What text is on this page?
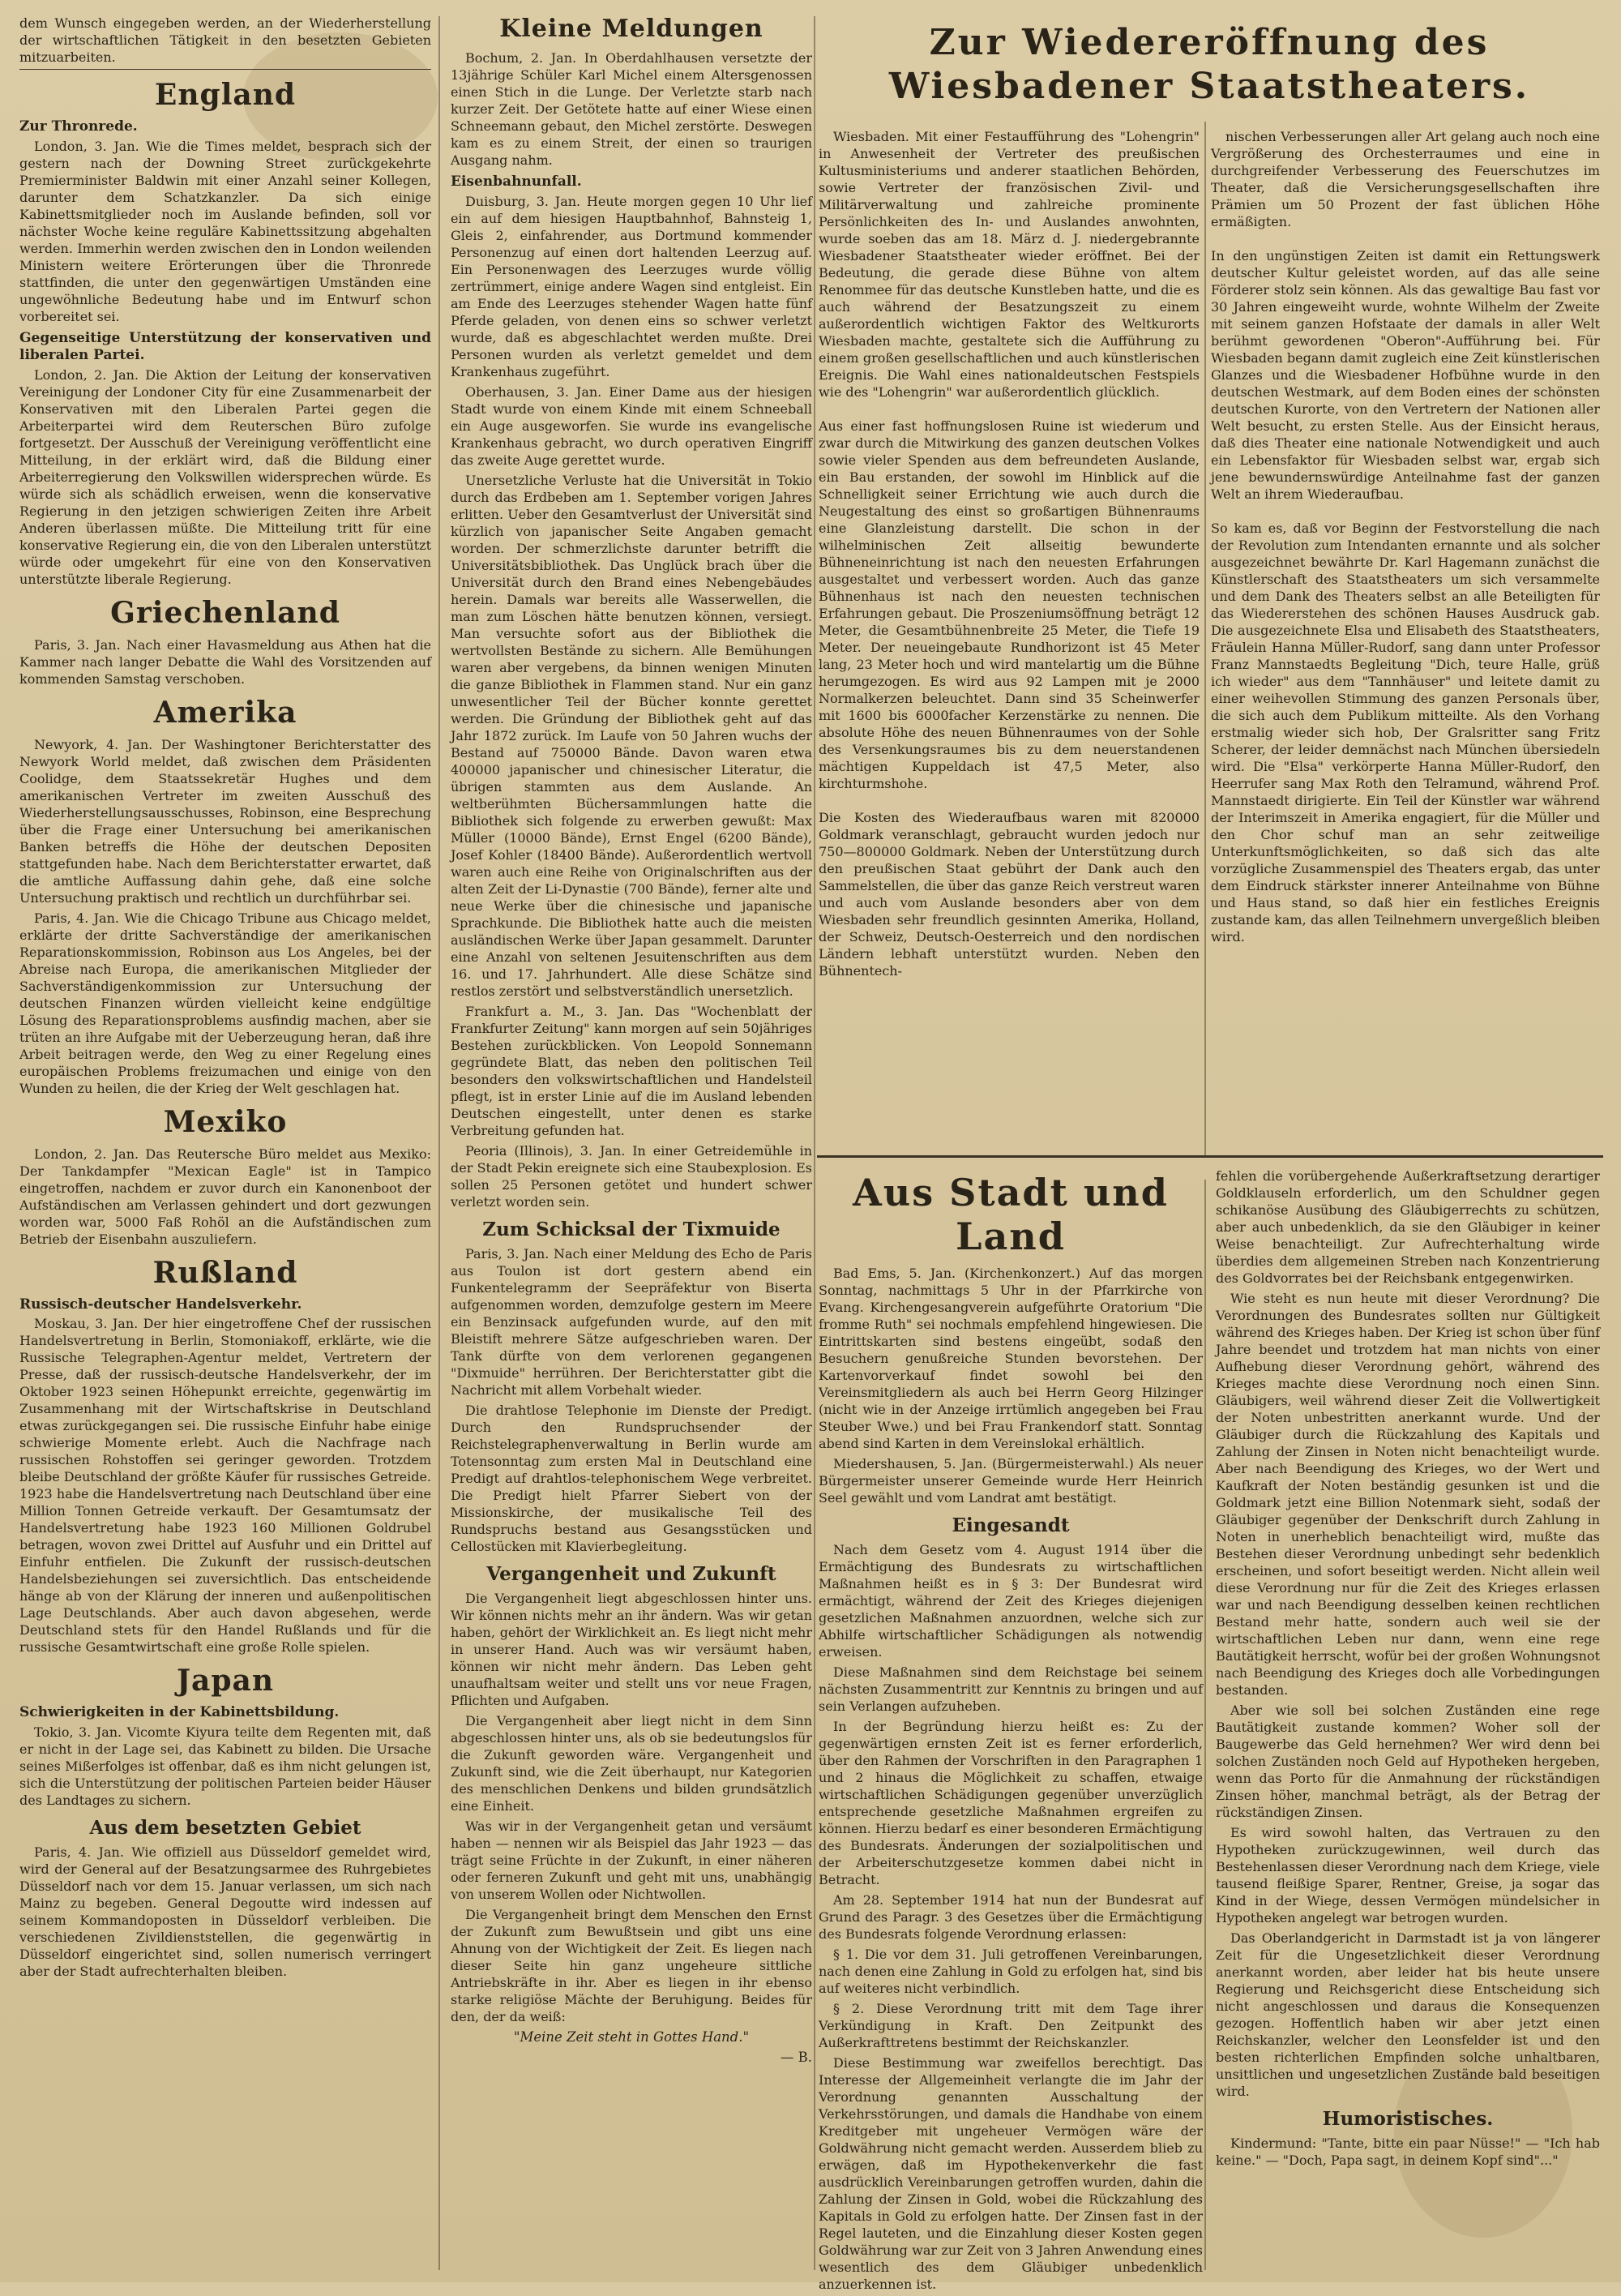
dem Wunsch eingegeben werden, an der Wiederherstellung der wirtschaftlichen Tätigkeit in den besetzten Gebieten mitzuarbeiten.

England

Zur Thronrede.

London, 3. Jan. Wie die Times meldet, besprach sich der gestern nach der Downing Street zurückgekehrte Premierminister Baldwin mit einer Anzahl seiner Kollegen, darunter dem Schatzkanzler. Da sich einige Kabinettsmitglieder noch im Auslande befinden, soll vor nächster Woche keine reguläre Kabinettssitzung abgehalten werden. Immerhin werden zwischen den in London weilenden Ministern weitere Erörterungen über die Thronrede stattfinden, die unter den gegenwärtigen Umständen eine ungewöhnliche Bedeutung habe und im Entwurf schon vorbereitet sei.

Gegenseitige Unterstützung der konservativen und liberalen Partei.

London, 2. Jan. Die Aktion der Leitung der konservativen Vereinigung der Londoner City für eine Zusammenarbeit der Konservativen mit den Liberalen Partei gegen die Arbeiterpartei wird dem Reuterschen Büro zufolge fortgesetzt. Der Ausschuß der Vereinigung veröffentlicht eine Mitteilung, in der erklärt wird, daß die Bildung einer Arbeiterregierung den Volkswillen widersprechen würde. Es würde sich als schädlich erweisen, wenn die konservative Regierung in den jetzigen schwierigen Zeiten ihre Arbeit Anderen überlassen müßte. Die Mitteilung tritt für eine konservative Regierung ein, die von den Liberalen unterstützt würde oder umgekehrt für eine von den Konservativen unterstützte liberale Regierung.

Griechenland

Paris, 3. Jan. Nach einer Havasmeldung aus Athen hat die Kammer nach langer Debatte die Wahl des Vorsitzenden auf kommenden Samstag verschoben.

Amerika

Newyork, 4. Jan. Der Washingtoner Berichterstatter des Newyork World meldet, daß zwischen dem Präsidenten Coolidge, dem Staatssekretär Hughes und dem amerikanischen Vertreter im zweiten Ausschuß des Wiederherstellungsausschusses, Robinson, eine Besprechung über die Frage einer Untersuchung bei amerikanischen Banken betreffs die Höhe der deutschen Depositen stattgefunden habe. Nach dem Berichterstatter erwartet, daß die amtliche Auffassung dahin gehe, daß eine solche Untersuchung praktisch und rechtlich un durchführbar sei.

Paris, 4. Jan. Wie die Chicago Tribune aus Chicago meldet, erklärte der dritte Sachverständige der amerikanischen Reparationskommission, Robinson aus Los Angeles, bei der Abreise nach Europa, die amerikanischen Mitglieder der Sachverständigenkommission zur Untersuchung der deutschen Finanzen würden vielleicht keine endgültige Lösung des Reparationsproblems ausfindig machen, aber sie trüten an ihre Aufgabe mit der Ueberzeugung heran, daß ihre Arbeit beitragen werde, den Weg zu einer Regelung eines europäischen Problems freizumachen und einige von den Wunden zu heilen, die der Krieg der Welt geschlagen hat.

Mexiko

London, 2. Jan. Das Reutersche Büro meldet aus Mexiko: Der Tankdampfer "Mexican Eagle" ist in Tampico eingetroffen, nachdem er zuvor durch ein Kanonenboot der Aufständischen am Verlassen gehindert und dort gezwungen worden war, 5000 Faß Rohöl an die Aufständischen zum Betrieb der Eisenbahn auszuliefern.

Rußland

Russisch-deutscher Handelsverkehr.

Moskau, 3. Jan. Der hier eingetroffene Chef der russischen Handelsvertretung in Berlin, Stomoniakoff, erklärte, wie die Russische Telegraphen-Agentur meldet, Vertretern der Presse, daß der russisch-deutsche Handelsverkehr, der im Oktober 1923 seinen Höhepunkt erreichte, gegenwärtig im Zusammenhang mit der Wirtschaftskrise in Deutschland etwas zurückgegangen sei. Die russische Einfuhr habe einige schwierige Momente erlebt. Auch die Nachfrage nach russischen Rohstoffen sei geringer geworden. Trotzdem bleibe Deutschland der größte Käufer für russisches Getreide. 1923 habe die Handelsvertretung nach Deutschland über eine Million Tonnen Getreide verkauft. Der Gesamtumsatz der Handelsvertretung habe 1923 160 Millionen Goldrubel betragen, wovon zwei Drittel auf Ausfuhr und ein Drittel auf Einfuhr entfielen. Die Zukunft der russisch-deutschen Handelsbeziehungen sei zuversichtlich. Das entscheidende hänge ab von der Klärung der inneren und außenpolitischen Lage Deutschlands. Aber auch davon abgesehen, werde Deutschland stets für den Handel Rußlands und für die russische Gesamtwirtschaft eine große Rolle spielen.

Japan

Schwierigkeiten in der Kabinettsbildung.

Tokio, 3. Jan. Vicomte Kiyura teilte dem Regenten mit, daß er nicht in der Lage sei, das Kabinett zu bilden. Die Ursache seines Mißerfolges ist offenbar, daß es ihm nicht gelungen ist, sich die Unterstützung der politischen Parteien beider Häuser des Landtages zu sichern.

Aus dem besetzten Gebiet

Paris, 4. Jan. Wie offiziell aus Düsseldorf gemeldet wird, wird der General auf der Besatzungsarmee des Ruhrgebietes Düsseldorf nach vor dem 15. Januar verlassen, um sich nach Mainz zu begeben. General Degoutte wird indessen auf seinem Kommandoposten in Düsseldorf verbleiben. Die verschiedenen Zivildienststellen, die gegenwärtig in Düsseldorf eingerichtet sind, sollen numerisch verringert aber der Stadt aufrechterhalten bleiben.

Kleine Meldungen

Bochum, 2. Jan. In Oberdahlhausen versetzte der 13jährige Schüler Karl Michel einem Altersgenossen einen Stich in die Lunge. Der Verletzte starb nach kurzer Zeit. Der Getötete hatte auf einer Wiese einen Schneemann gebaut, den Michel zerstörte. Deswegen kam es zu einem Streit, der einen so traurigen Ausgang nahm.

Eisenbahnunfall.

Duisburg, 3. Jan. Heute morgen gegen 10 Uhr lief ein auf dem hiesigen Hauptbahnhof, Bahnsteig 1, Gleis 2, einfahrender, aus Dortmund kommender Personenzug auf einen dort haltenden Leerzug auf. Ein Personenwagen des Leerzuges wurde völlig zertrümmert, einige andere Wagen sind entgleist. Ein am Ende des Leerzuges stehender Wagen hatte fünf Pferde geladen, von denen eins so schwer verletzt wurde, daß es abgeschlachtet werden mußte. Drei Personen wurden als verletzt gemeldet und dem Krankenhaus zugeführt.

Oberhausen, 3. Jan. Einer Dame aus der hiesigen Stadt wurde von einem Kinde mit einem Schneeball ein Auge ausgeworfen. Sie wurde ins evangelische Krankenhaus gebracht, wo durch operativen Eingriff das zweite Auge gerettet wurde.

Unersetzliche Verluste hat die Universität in Tokio durch das Erdbeben am 1. September vorigen Jahres erlitten. Ueber den Gesamtverlust der Universität sind kürzlich von japanischer Seite Angaben gemacht worden. Der schmerzlichste darunter betrifft die Universitätsbibliothek. Das Unglück brach über die Universität durch den Brand eines Nebengebäudes herein. Damals war bereits alle Wasserwellen, die man zum Löschen hätte benutzen können, versiegt. Man versuchte sofort aus der Bibliothek die wertvollsten Bestände zu sichern. Alle Bemühungen waren aber vergebens, da binnen wenigen Minuten die ganze Bibliothek in Flammen stand. Nur ein ganz unwesentlicher Teil der Bücher konnte gerettet werden. Die Gründung der Bibliothek geht auf das Jahr 1872 zurück. Im Laufe von 50 Jahren wuchs der Bestand auf 750000 Bände. Davon waren etwa 400000 japanischer und chinesischer Literatur, die übrigen stammten aus dem Auslande. An weltberühmten Büchersammlungen hatte die Bibliothek sich folgende zu erwerben gewußt: Max Müller (10000 Bände), Ernst Engel (6200 Bände), Josef Kohler (18400 Bände). Außerordentlich wertvoll waren auch eine Reihe von Originalschriften aus der alten Zeit der Li-Dynastie (700 Bände), ferner alte und neue Werke über die chinesische und japanische Sprachkunde. Die Bibliothek hatte auch die meisten ausländischen Werke über Japan gesammelt. Darunter eine Anzahl von seltenen Jesuitenschriften aus dem 16. und 17. Jahrhundert. Alle diese Schätze sind restlos zerstört und selbstverständlich unersetzlich.

Frankfurt a. M., 3. Jan. Das "Wochenblatt der Frankfurter Zeitung" kann morgen auf sein 50jähriges Bestehen zurückblicken. Von Leopold Sonnemann gegründete Blatt, das neben den politischen Teil besonders den volkswirtschaftlichen und Handelsteil pflegt, ist in erster Linie auf die im Ausland lebenden Deutschen eingestellt, unter denen es starke Verbreitung gefunden hat.

Peoria (Illinois), 3. Jan. In einer Getreidemühle in der Stadt Pekin ereignete sich eine Staubexplosion. Es sollen 25 Personen getötet und hundert schwer verletzt worden sein.

Zum Schicksal der Tixmuide

Paris, 3. Jan. Nach einer Meldung des Echo de Paris aus Toulon ist dort gestern abend ein Funkentelegramm der Seepräfektur von Biserta aufgenommen worden, demzufolge gestern im Meere ein Benzinsack aufgefunden wurde, auf den mit Bleistift mehrere Sätze aufgeschrieben waren. Der Tank dürfte von dem verlorenen gegangenen "Dixmuide" herrühren. Der Berichterstatter gibt die Nachricht mit allem Vorbehalt wieder.

Die drahtlose Telephonie im Dienste der Predigt. Durch den Rundspruchsender der Reichstelegraphenverwaltung in Berlin wurde am Totensonntag zum ersten Mal in Deutschland eine Predigt auf drahtlos-telephonischem Wege verbreitet. Die Predigt hielt Pfarrer Siebert von der Missionskirche, der musikalische Teil des Rundspruchs bestand aus Gesangsstücken und Cellostücken mit Klavierbegleitung.

Vergangenheit und Zukunft

Die Vergangenheit liegt abgeschlossen hinter uns. Wir können nichts mehr an ihr ändern. Was wir getan haben, gehört der Wirklichkeit an. Es liegt nicht mehr in unserer Hand. Auch was wir versäumt haben, können wir nicht mehr ändern. Das Leben geht unaufhaltsam weiter und stellt uns vor neue Fragen, Pflichten und Aufgaben.

Die Vergangenheit aber liegt nicht in dem Sinn abgeschlossen hinter uns, als ob sie bedeutungslos für die Zukunft geworden wäre. Vergangenheit und Zukunft sind, wie die Zeit überhaupt, nur Kategorien des menschlichen Denkens und bilden grundsätzlich eine Einheit.

Was wir in der Vergangenheit getan und versäumt haben — nennen wir als Beispiel das Jahr 1923 — das trägt seine Früchte in der Zukunft, in einer näheren oder ferneren Zukunft und geht mit uns, unabhängig von unserem Wollen oder Nichtwollen.

Die Vergangenheit bringt dem Menschen den Ernst der Zukunft zum Bewußtsein und gibt uns eine Ahnung von der Wichtigkeit der Zeit. Es liegen nach dieser Seite hin ganz ungeheure sittliche Antriebskräfte in ihr. Aber es liegen in ihr ebenso starke religiöse Mächte der Beruhigung. Beides für den, der da weiß:

"Meine Zeit steht in Gottes Hand."

— B.

Zur Wiedereröffnung des
Wiesbadener Staatstheaters.

Wiesbaden. Mit einer Festaufführung des "Lohengrin" in Anwesenheit der Vertreter des preußischen Kultusministeriums und anderer staatlichen Behörden, sowie Vertreter der französischen Zivil- und Militärverwaltung und zahlreiche prominente Persönlichkeiten des In- und Auslandes anwohnten, wurde soeben das am 18. März d. J. niedergebrannte Wiesbadener Staatstheater wieder eröffnet. Bei der Bedeutung, die gerade diese Bühne von altem Renommee für das deutsche Kunstleben hatte, und die es auch während der Besatzungszeit zu einem außerordentlich wichtigen Faktor des Weltkurorts Wiesbaden machte, gestaltete sich die Aufführung zu einem großen gesellschaftlichen und auch künstlerischen Ereignis. Die Wahl eines nationaldeutschen Festspiels wie des "Lohengrin" war außerordentlich glücklich.

Aus einer fast hoffnungslosen Ruine ist wiederum und zwar durch die Mitwirkung des ganzen deutschen Volkes sowie vieler Spenden aus dem befreundeten Auslande, ein Bau erstanden, der sowohl im Hinblick auf die Schnelligkeit seiner Errichtung wie auch durch die Neugestaltung des einst so großartigen Bühnenraums eine Glanzleistung darstellt. Die schon in der wilhelminischen Zeit allseitig bewunderte Bühneneinrichtung ist nach den neuesten Erfahrungen ausgestaltet und verbessert worden. Auch das ganze Bühnenhaus ist nach den neuesten technischen Erfahrungen gebaut. Die Proszeniumsöffnung beträgt 12 Meter, die Gesamtbühnenbreite 25 Meter, die Tiefe 19 Meter. Der neueingebaute Rundhorizont ist 45 Meter lang, 23 Meter hoch und wird mantelartig um die Bühne herumgezogen. Es wird aus 92 Lampen mit je 2000 Normalkerzen beleuchtet. Dann sind 35 Scheinwerfer mit 1600 bis 6000facher Kerzenstärke zu nennen. Die absolute Höhe des neuen Bühnenraumes von der Sohle des Versenkungsraumes bis zu dem neuerstandenen mächtigen Kuppeldach ist 47,5 Meter, also kirchturmshohe.

Die Kosten des Wiederaufbaus waren mit 820000 Goldmark veranschlagt, gebraucht wurden jedoch nur 750—800000 Goldmark. Neben der Unterstützung durch den preußischen Staat gebührt der Dank auch den Sammelstellen, die über das ganze Reich verstreut waren und auch vom Auslande besonders aber von dem Wiesbaden sehr freundlich gesinnten Amerika, Holland, der Schweiz, Deutsch-Oesterreich und den nordischen Ländern lebhaft unterstützt wurden. Neben den Bühnentech-

nischen Verbesserungen aller Art gelang auch noch eine Vergrößerung des Orchesterraumes und eine in durchgreifender Verbesserung des Feuerschutzes im Theater, daß die Versicherungsgesellschaften ihre Prämien um 50 Prozent der fast üblichen Höhe ermäßigten.

In den ungünstigen Zeiten ist damit ein Rettungswerk deutscher Kultur geleistet worden, auf das alle seine Förderer stolz sein können. Als das gewaltige Bau fast vor 30 Jahren eingeweiht wurde, wohnte Wilhelm der Zweite mit seinem ganzen Hofstaate der damals in aller Welt berühmt gewordenen "Oberon"-Aufführung bei. Für Wiesbaden begann damit zugleich eine Zeit künstlerischen Glanzes und die Wiesbadener Hofbühne wurde in den deutschen Westmark, auf dem Boden eines der schönsten deutschen Kurorte, von den Vertretern der Nationen aller Welt besucht, zu ersten Stelle. Aus der Einsicht heraus, daß dies Theater eine nationale Notwendigkeit und auch ein Lebensfaktor für Wiesbaden selbst war, ergab sich jene bewundernswürdige Anteilnahme fast der ganzen Welt an ihrem Wiederaufbau.

So kam es, daß vor Beginn der Festvorstellung die nach der Revolution zum Intendanten ernannte und als solcher ausgezeichnet bewährte Dr. Karl Hagemann zunächst die Künstlerschaft des Staatstheaters um sich versammelte und dem Dank des Theaters selbst an alle Beteiligten für das Wiedererstehen des schönen Hauses Ausdruck gab. Die ausgezeichnete Elsa und Elisabeth des Staatstheaters, Fräulein Hanna Müller-Rudorf, sang dann unter Professor Franz Mannstaedts Begleitung "Dich, teure Halle, grüß ich wieder" aus dem "Tannhäuser" und leitete damit zu einer weihevollen Stimmung des ganzen Personals über, die sich auch dem Publikum mitteilte. Als den Vorhang erstmalig wieder sich hob, Der Gralsritter sang Fritz Scherer, der leider demnächst nach München übersiedeln wird. Die "Elsa" verkörperte Hanna Müller-Rudorf, den Heerrufer sang Max Roth den Telramund, während Prof. Mannstaedt dirigierte. Ein Teil der Künstler war während der Interimszeit in Amerika engagiert, für die Müller und den Chor schuf man an sehr zeitweilige Unterkunftsmöglichkeiten, so daß sich das alte vorzügliche Zusammenspiel des Theaters ergab, das unter dem Eindruck stärkster innerer Anteilnahme von Bühne und Haus stand, so daß hier ein festliches Ereignis zustande kam, das allen Teilnehmern unvergeßlich bleiben wird.

Aus Stadt und Land

Bad Ems, 5. Jan. (Kirchenkonzert.) Auf das morgen Sonntag, nachmittags 5 Uhr in der Pfarrkirche von Evang. Kirchengesangverein aufgeführte Oratorium "Die fromme Ruth" sei nochmals empfehlend hingewiesen. Die Eintrittskarten sind bestens eingeübt, sodaß den Besuchern genußreiche Stunden bevorstehen. Der Kartenvorverkauf findet sowohl bei den Vereinsmitgliedern als auch bei Herrn Georg Hilzinger (nicht wie in der Anzeige irrtümlich angegeben bei Frau Steuber Wwe.) und bei Frau Frankendorf statt. Sonntag abend sind Karten in dem Vereinslokal erhältlich.

Miedershausen, 5. Jan. (Bürgermeisterwahl.) Als neuer Bürgermeister unserer Gemeinde wurde Herr Heinrich Seel gewählt und vom Landrat amt bestätigt.

Eingesandt

Nach dem Gesetz vom 4. August 1914 über die Ermächtigung des Bundesrats zu wirtschaftlichen Maßnahmen heißt es in § 3: Der Bundesrat wird ermächtigt, während der Zeit des Krieges diejenigen gesetzlichen Maßnahmen anzuordnen, welche sich zur Abhilfe wirtschaftlicher Schädigungen als notwendig erweisen.

Diese Maßnahmen sind dem Reichstage bei seinem nächsten Zusammentritt zur Kenntnis zu bringen und auf sein Verlangen aufzuheben.

In der Begründung hierzu heißt es: Zu der gegenwärtigen ernsten Zeit ist es ferner erforderlich, über den Rahmen der Vorschriften in den Paragraphen 1 und 2 hinaus die Möglichkeit zu schaffen, etwaige wirtschaftlichen Schädigungen gegenüber unverzüglich entsprechende gesetzliche Maßnahmen ergreifen zu können. Hierzu bedarf es einer besonderen Ermächtigung des Bundesrats. Änderungen der sozialpolitischen und der Arbeiterschutzgesetze kommen dabei nicht in Betracht.

Am 28. September 1914 hat nun der Bundesrat auf Grund des Paragr. 3 des Gesetzes über die Ermächtigung des Bundesrats folgende Verordnung erlassen:

§ 1. Die vor dem 31. Juli getroffenen Vereinbarungen, nach denen eine Zahlung in Gold zu erfolgen hat, sind bis auf weiteres nicht verbindlich.

§ 2. Diese Verordnung tritt mit dem Tage ihrer Verkündigung in Kraft. Den Zeitpunkt des Außerkrafttretens bestimmt der Reichskanzler.

Diese Bestimmung war zweifellos berechtigt. Das Interesse der Allgemeinheit verlangte die im Jahr der Verordnung genannten Ausschaltung der Verkehrsstörungen, und damals die Handhabe von einem Kreditgeber mit ungeheuer Vermögen wäre der Goldwährung nicht gemacht werden. Ausserdem blieb zu erwägen, daß im Hypothekenverkehr die fast ausdrücklich Vereinbarungen getroffen wurden, dahin die Zahlung der Zinsen in Gold, wobei die Rückzahlung des Kapitals in Gold zu erfolgen hatte. Der Zinsen fast in der Regel lauteten, und die Einzahlung dieser Kosten gegen Goldwährung war zur Zeit von 3 Jahren Anwendung eines wesentlich des dem Gläubiger unbedenklich anzuerkennen ist.

fehlen die vorübergehende Außerkraftsetzung derartiger Goldklauseln erforderlich, um den Schuldner gegen schikanöse Ausübung des Gläubigerrechts zu schützen, aber auch unbedenklich, da sie den Gläubiger in keiner Weise benachteiligt. Zur Aufrechterhaltung wirde überdies dem allgemeinen Streben nach Konzentrierung des Goldvorrates bei der Reichsbank entgegenwirken.

Wie steht es nun heute mit dieser Verordnung? Die Verordnungen des Bundesrates sollten nur Gültigkeit während des Krieges haben. Der Krieg ist schon über fünf Jahre beendet und trotzdem hat man nichts von einer Aufhebung dieser Verordnung gehört, während des Krieges machte diese Verordnung noch einen Sinn. Gläubigers, weil während dieser Zeit die Vollwertigkeit der Noten unbestritten anerkannt wurde. Und der Gläubiger durch die Rückzahlung des Kapitals und Zahlung der Zinsen in Noten nicht benachteiligt wurde. Aber nach Beendigung des Krieges, wo der Wert und Kaufkraft der Noten beständig gesunken ist und die Goldmark jetzt eine Billion Notenmark sieht, sodaß der Gläubiger gegenüber der Denkschrift durch Zahlung in Noten in unerheblich benachteiligt wird, mußte das Bestehen dieser Verordnung unbedingt sehr bedenklich erscheinen, und sofort beseitigt werden. Nicht allein weil diese Verordnung nur für die Zeit des Krieges erlassen war und nach Beendigung desselben keinen rechtlichen Bestand mehr hatte, sondern auch weil sie der wirtschaftlichen Leben nur dann, wenn eine rege Bautätigkeit herrscht, wofür bei der großen Wohnungsnot nach Beendigung des Krieges doch alle Vorbedingungen bestanden.

Aber wie soll bei solchen Zuständen eine rege Bautätigkeit zustande kommen? Woher soll der Baugewerbe das Geld hernehmen? Wer wird denn bei solchen Zuständen noch Geld auf Hypotheken hergeben, wenn das Porto für die Anmahnung der rückständigen Zinsen höher, manchmal beträgt, als der Betrag der rückständigen Zinsen.

Es wird sowohl halten, das Vertrauen zu den Hypotheken zurückzugewinnen, weil durch das Bestehenlassen dieser Verordnung nach dem Kriege, viele tausend fleißige Sparer, Rentner, Greise, ja sogar das Kind in der Wiege, dessen Vermögen mündelsicher in Hypotheken angelegt war betrogen wurden.

Das Oberlandgericht in Darmstadt ist ja von längerer Zeit für die Ungesetzlichkeit dieser Verordnung anerkannt worden, aber leider hat bis heute unsere Regierung und Reichsgericht diese Entscheidung sich nicht angeschlossen und daraus die Konsequenzen gezogen. Hoffentlich haben wir aber jetzt einen Reichskanzler, welcher den Leonsfelder ist und den besten richterlichen Empfinden solche unhaltbaren, unsittlichen und ungesetzlichen Zustände bald beseitigen wird.

Humoristisches.

Kindermund: "Tante, bitte ein paar Nüsse!" — "Ich hab keine." — "Doch, Papa sagt, in deinem Kopf sind"..."
